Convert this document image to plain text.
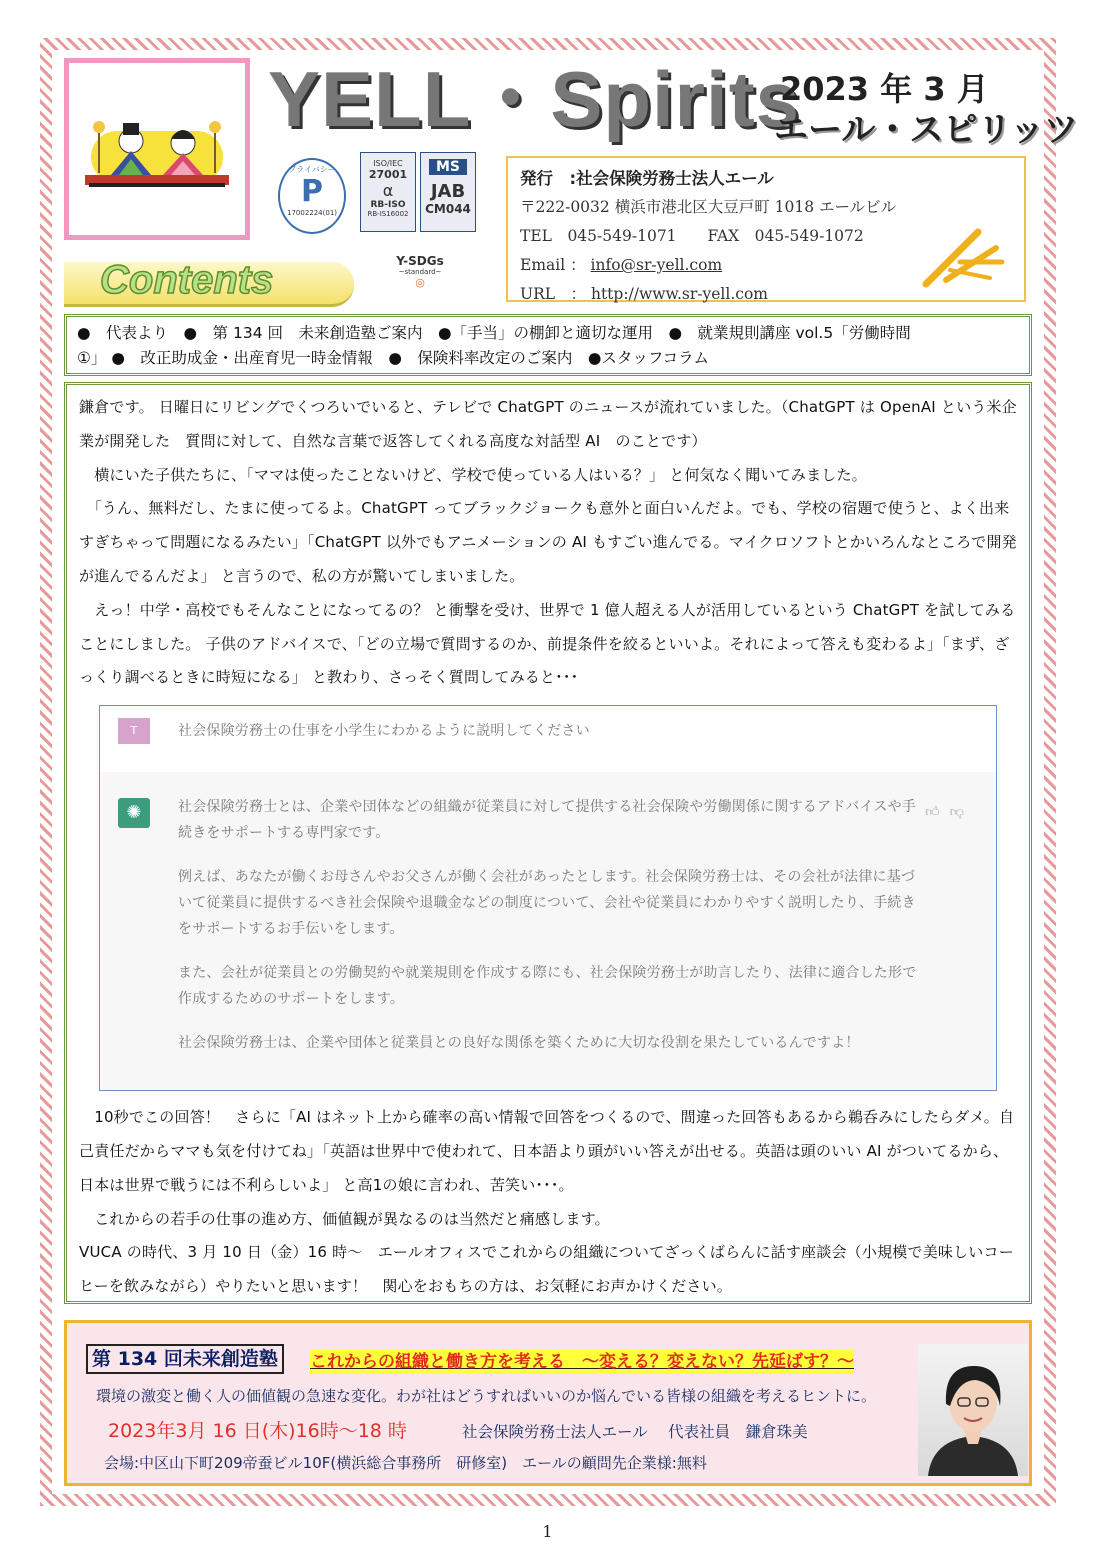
YELL・Spirits
2023 年 3 月
エール・スピリッツ
プライバシー
P
17002224(01)
ISO/IEC
27001
α
RB-ISO
RB-IS16002
MS
JAB
CM044
Y-SDGs
~standard~
◎
Contents
発行　:社会保険労務士法人エール
〒222-0032 横浜市港北区大豆戸町 1018 エールビル
TEL　045-549-1071　　FAX　045-549-1072
Email ： info@sr-yell.com
URL　： http://www.sr-yell.com
●　代表より　●　第 134 回　未来創造塾ご案内　●「手当」の棚卸と適切な運用　●　就業規則講座 vol.5「労働時間
①」 ●　改正助成金・出産育児一時金情報　●　保険料率改定のご案内　●スタッフコラム

鎌倉です。 日曜日にリビングでくつろいでいると、テレビで ChatGPT のニュースが流れていました。（ChatGPT は OpenAI という米企業が開発した　質問に対して、自然な言葉で返答してくれる高度な対話型 AI　のことです）

　横にいた子供たちに、「ママは使ったことないけど、学校で使っている人はいる？」 と何気なく聞いてみました。

　「うん、無料だし、たまに使ってるよ。ChatGPT ってブラックジョークも意外と面白いんだよ。でも、学校の宿題で使うと、よく出来すぎちゃって問題になるみたい」「ChatGPT 以外でもアニメーションの AI もすごい進んでる。マイクロソフトとかいろんなところで開発が進んでるんだよ」 と言うので、私の方が驚いてしまいました。

　えっ！中学・高校でもそんなことになってるの？ と衝撃を受け、世界で 1 億人超える人が活用しているという ChatGPT を試してみることにしました。 子供のアドバイスで、「どの立場で質問するのか、前提条件を絞るといいよ。それによって答えも変わるよ」「まず、ざっくり調べるときに時短になる」 と教わり、さっそく質問してみると･･･

T	社会保険労務士の仕事を小学生にわかるように説明してください
✺	社会保険労務士とは、企業や団体などの組織が従業員に対して提供する社会保険や労働関係に関するアドバイスや手続きをサポートする専門家です。

例えば、あなたが働くお母さんやお父さんが働く会社があったとします。社会保険労務士は、その会社が法律に基づいて従業員に提供するべき社会保険や退職金などの制度について、会社や従業員にわかりやすく説明したり、手続きをサポートするお手伝いをします。

また、会社が従業員との労働契約や就業規則を作成する際にも、社会保険労務士が助言したり、法律に適合した形で作成するためのサポートをします。

社会保険労務士は、企業や団体と従業員との良好な関係を築くために大切な役割を果たしているんですよ！

👍︎👎︎

　10秒でこの回答！　さらに「AI はネット上から確率の高い情報で回答をつくるので、間違った回答もあるから鵜呑みにしたらダメ。自己責任だからママも気を付けてね」「英語は世界中で使われて、日本語より頭がいい答えが出せる。英語は頭のいい AI がついてるから、日本は世界で戦うには不利らしいよ」 と高1の娘に言われ、苦笑い･･･。

　これからの若手の仕事の進め方、価値観が異なるのは当然だと痛感します。

VUCA の時代、3 月 10 日（金）16 時～　エールオフィスでこれからの組織についてざっくばらんに話す座談会（小規模で美味しいコーヒーを飲みながら）やりたいと思います！　関心をおもちの方は、お気軽にお声かけください。

第 134 回未来創造塾	これからの組織と働き方を考える　～変える？変えない？先延ばす？～
環境の激変と働く人の価値観の急速な変化。わが社はどうすればいいのか悩んでいる皆様の組織を考えるヒントに。
2023年3月 16 日(木)16時～18 時	社会保険労務士法人エール　 代表社員　鎌倉珠美
会場:中区山下町209帝蚕ビル10F(横浜総合事務所　研修室)　エールの顧問先企業様:無料
1
